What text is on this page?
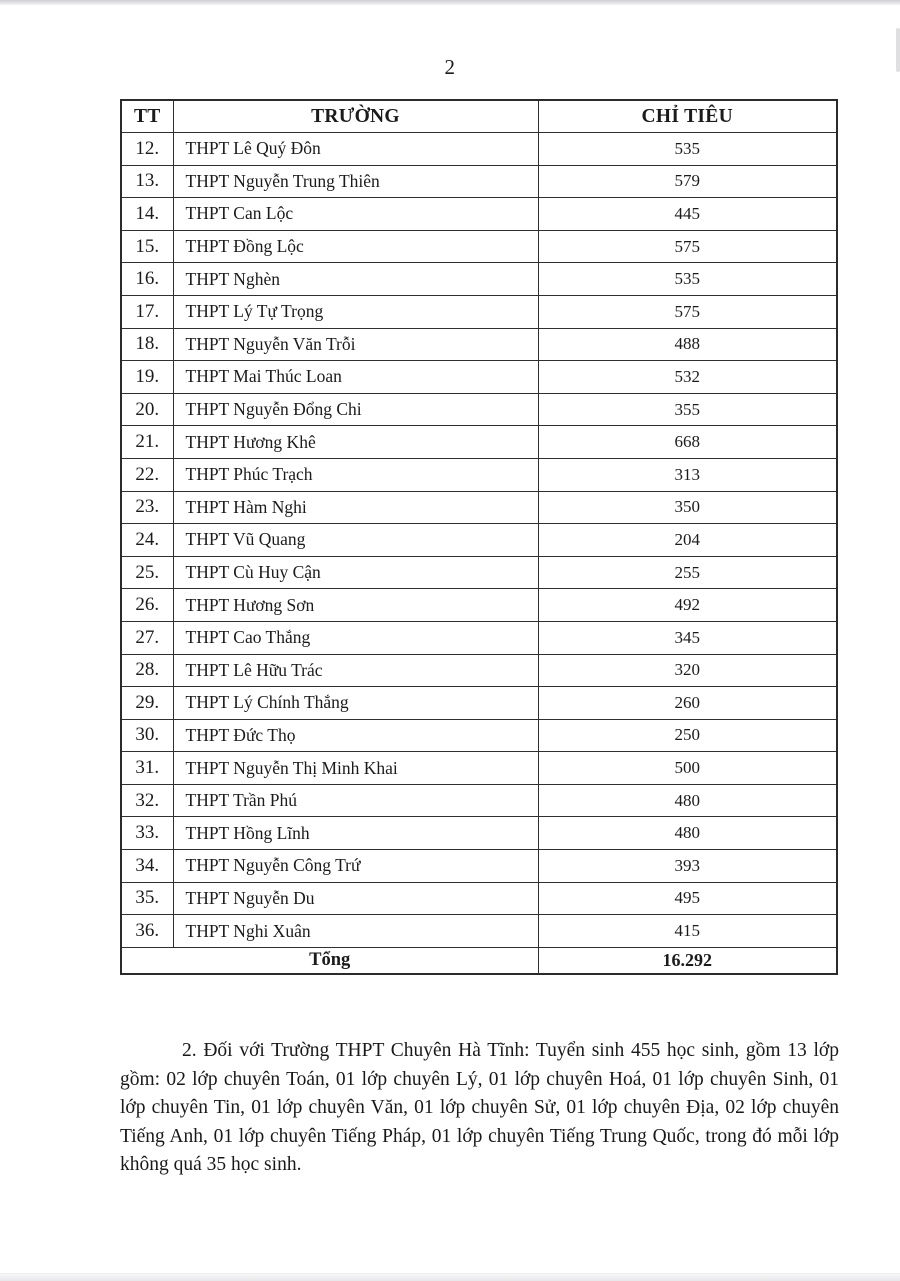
2
TT	TRƯỜNG	CHỈ TIÊU
12.	THPT Lê Quý Đôn	535
13.	THPT Nguyễn Trung Thiên	579
14.	THPT Can Lộc	445
15.	THPT Đồng Lộc	575
16.	THPT Nghèn	535
17.	THPT Lý Tự Trọng	575
18.	THPT Nguyễn Văn Trỗi	488
19.	THPT Mai Thúc Loan	532
20.	THPT Nguyễn Đổng Chi	355
21.	THPT Hương Khê	668
22.	THPT Phúc Trạch	313
23.	THPT Hàm Nghi	350
24.	THPT Vũ Quang	204
25.	THPT Cù Huy Cận	255
26.	THPT Hương Sơn	492
27.	THPT Cao Thắng	345
28.	THPT Lê Hữu Trác	320
29.	THPT Lý Chính Thắng	260
30.	THPT Đức Thọ	250
31.	THPT Nguyễn Thị Minh Khai	500
32.	THPT Trần Phú	480
33.	THPT Hồng Lĩnh	480
34.	THPT Nguyễn Công Trứ	393
35.	THPT Nguyễn Du	495
36.	THPT Nghi Xuân	415
Tổng		16.292
2. Đối với Trường THPT Chuyên Hà Tĩnh: Tuyển sinh 455 học sinh, gồm 13 lớp gồm: 02 lớp chuyên Toán, 01 lớp chuyên Lý, 01 lớp chuyên Hoá, 01 lớp chuyên Sinh, 01 lớp chuyên Tin, 01 lớp chuyên Văn, 01 lớp chuyên Sử, 01 lớp chuyên Địa, 02 lớp chuyên Tiếng Anh, 01 lớp chuyên Tiếng Pháp, 01 lớp chuyên Tiếng Trung Quốc, trong đó mỗi lớp không quá 35 học sinh.
